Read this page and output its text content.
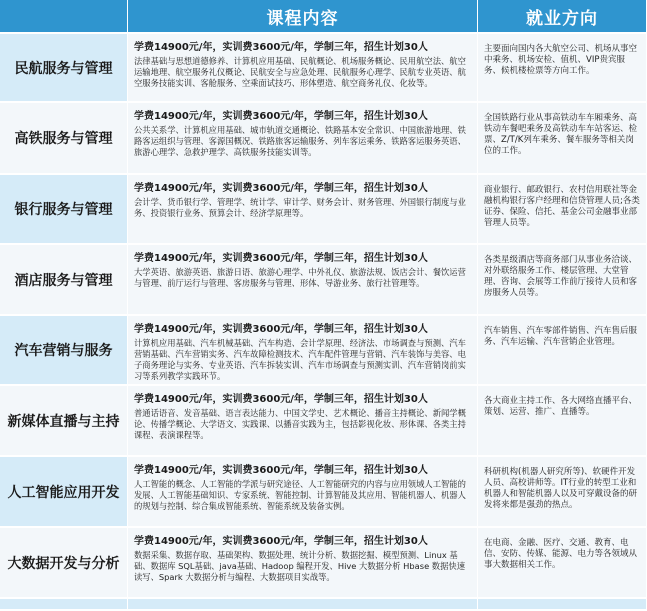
课程内容	就业方向
民航服务与管理
学费14900元/年，实训费3600元/年，学制三年，招生计划30人
法律基础与思想道德修养、计算机应用基础、民航概论、机场服务概论、民用航空法、航空运输地理、航空服务礼仪概论、民航安全与应急处理、民航服务心理学、民航专业英语、航空服务技能实训、客舱服务、空乘面试技巧、形体塑造、航空商务礼仪、化妆等。
主要面向国内各大航空公司、机场从事空中乘务、机场安检、值机、VIP贵宾服务、候机楼检票等方向工作。
高铁服务与管理
学费14900元/年，实训费3600元/年，学制三年，招生计划30人
公共关系学、计算机应用基础、城市轨道交通概论、铁路基本安全常识、中国旅游地理、铁路客运组织与管理、客源国概况、铁路旅客运输服务、列车客运乘务、铁路客运服务英语、旅游心理学、急救护理学、高铁服务技能实训等。
全国铁路行业从事高铁动车车厢乘务、高铁动车餐吧乘务及高铁动车车站客运、检票、Z/T/K列车乘务、餐车服务等相关岗位的工作。
银行服务与管理
学费14900元/年，实训费3600元/年，学制三年，招生计划30人
会计学、货币银行学、管理学、统计学、审计学、财务会计、财务管理、外国银行制度与业务、投资银行业务、预算会计、经济学原理等。
商业银行、邮政银行、农村信用联社等金融机构银行客户经理和信贷管理人员;各类证券、保险、信托、基金公司金融事业部管理人员等。
酒店服务与管理
学费14900元/年，实训费3600元/年，学制三年，招生计划30人
大学英语、旅游英语、旅游日语、旅游心理学、中外礼仪、旅游法规、饭店会计、餐饮运营与管理、前厅运行与管理、客房服务与管理、形体、导游业务、旅行社管理等。
各类星级酒店等商务部门从事业务洽谈、对外联络服务工作、楼层管理、大堂管理、咨询、会展等工作前厅接待人员和客房服务人员等。
汽车营销与服务
学费14900元/年，实训费3600元/年，学制三年，招生计划30人
计算机应用基础、汽车机械基础、汽车构造、会计学原理、经济法、市场调查与预测、汽车营销基础、汽车营销实务、汽车故障检测技术、汽车配件管理与营销、汽车装饰与美容、电子商务理论与实务、专业英语、汽车拆装实训、汽车市场调查与预测实训、汽车营销岗前实习等系列教学实践环节。
汽车销售、汽车零部件销售、汽车售后服务、汽车运输、汽车营销企业管理。
新媒体直播与主持
学费14900元/年，实训费3600元/年，学制三年，招生计划30人
普通话语音、发音基础、语言表达能力、中国文学史、艺术概论、播音主持概论、新闻学概论、传播学概论、大学语文、实践课、以播音实践为主，包括影视化妆、形体课、各类主持课程、表演课程等。
各大商业主持工作、各大网络直播平台、策划、运营、推广、直播等。
人工智能应用开发
学费14900元/年，实训费3600元/年，学制三年，招生计划30人
人工智能的概念、人工智能的学派与研究途径、人工智能研究的内容与应用领域人工智能的发展、人工智能基础知识、专家系统、智能控制、计算智能及其应用、智能机器人、机器人的规划与控制、综合集成智能系统、智能系统及装备实例。
科研机构(机器人研究所等)、软硬件开发人员、高校讲师等。IT行业的转型工业和机器人和智能机器人以及可穿戴设备的研发将来都是强劲的热点。
大数据开发与分析
学费14900元/年，实训费3600元/年，学制三年，招生计划30人
数据采集、数据存取、基础架构、数据处理、统计分析、数据挖掘、模型预测、Linux 基础、数据库 SQL基础、java基础、Hadoop 编程开发、Hive 大数据分析 Hbase 数据快速读写、Spark 大数据分析与编程、大数据项目实战等。
在电商、金融、医疗、交通、教育、电信、安防、传媒、能源、电力等各领域从事大数据相关工作。
